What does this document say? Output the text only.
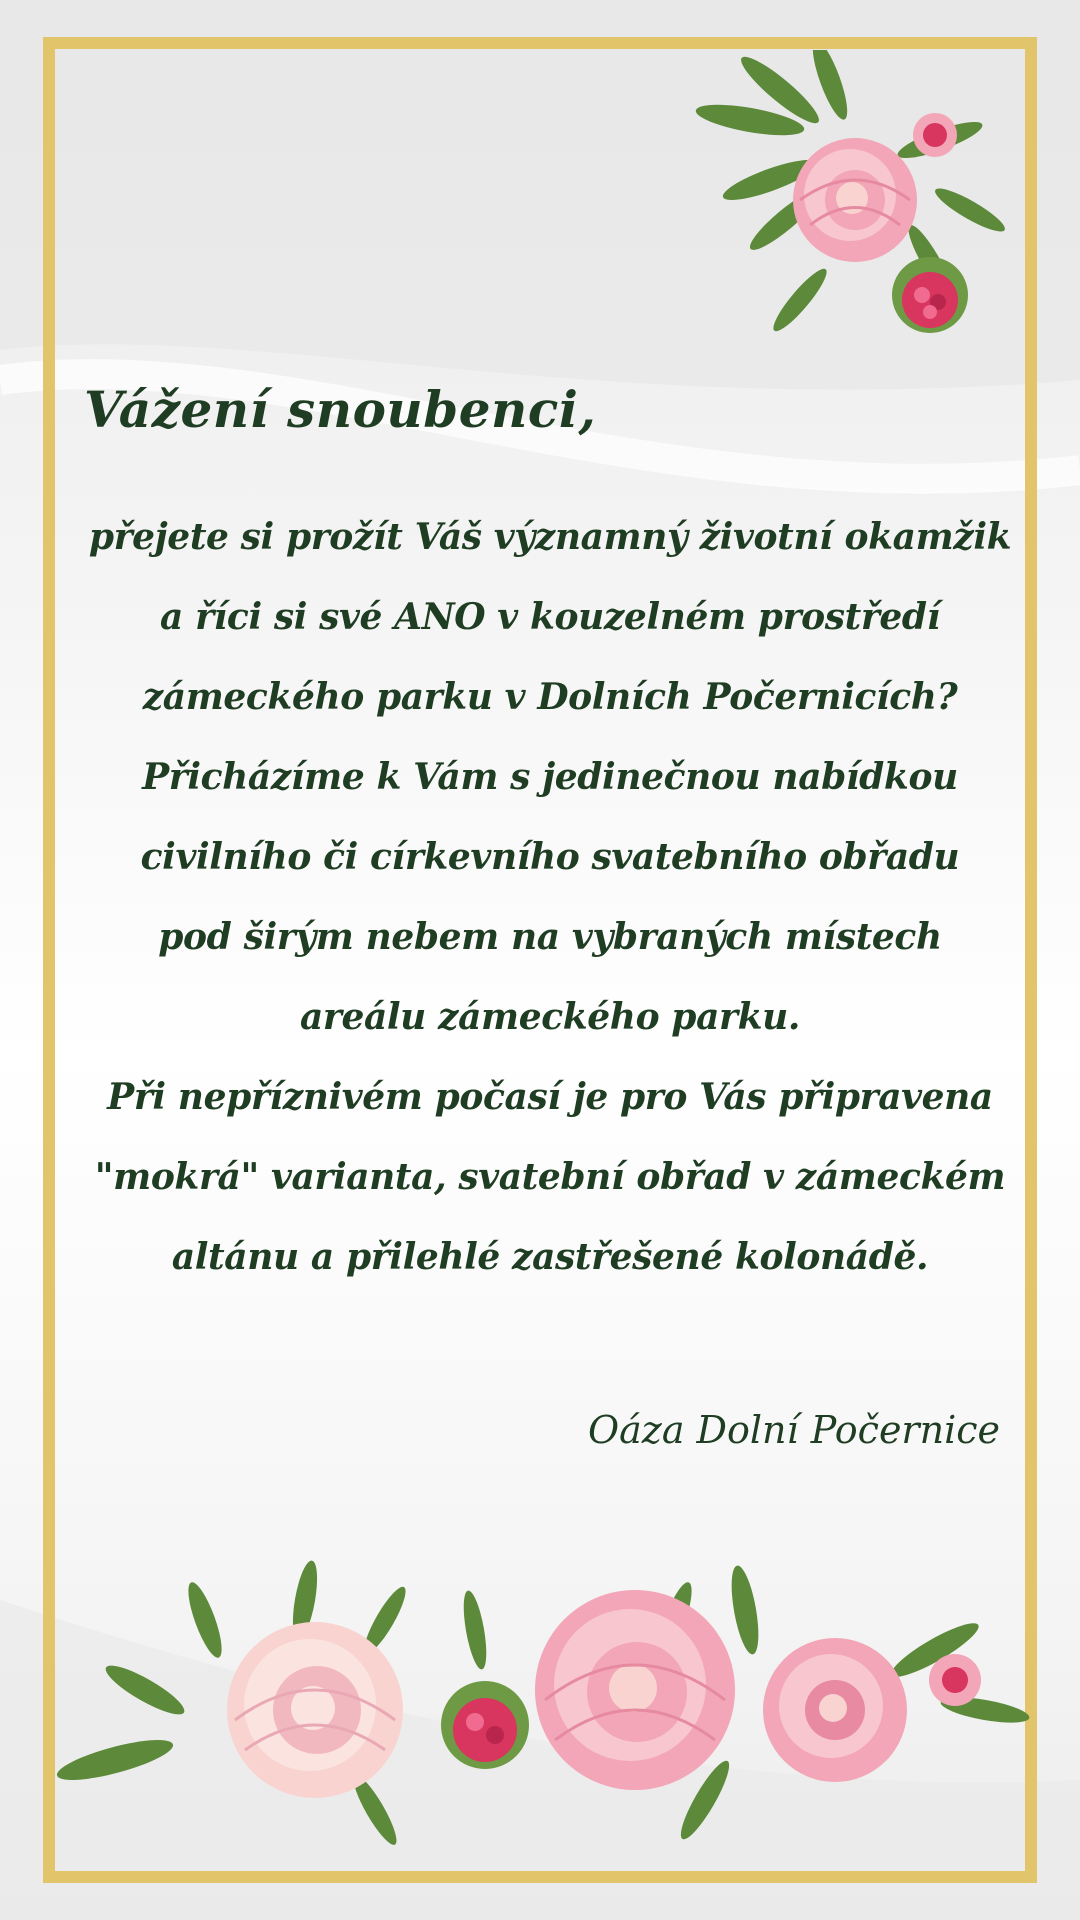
Vážení snoubenci,
přejete si prožít Váš významný životní okamžik
a říci si své ANO v kouzelném prostředí
zámeckého parku v Dolních Počernicích?
Přicházíme k Vám s jedinečnou nabídkou
civilního či církevního svatebního obřadu
pod širým nebem na vybraných místech
areálu zámeckého parku.
Při nepříznivém počasí je pro Vás připravena
"mokrá" varianta, svatební obřad v zámeckém
altánu a přilehlé zastřešené kolonádě.
Oáza Dolní Počernice
